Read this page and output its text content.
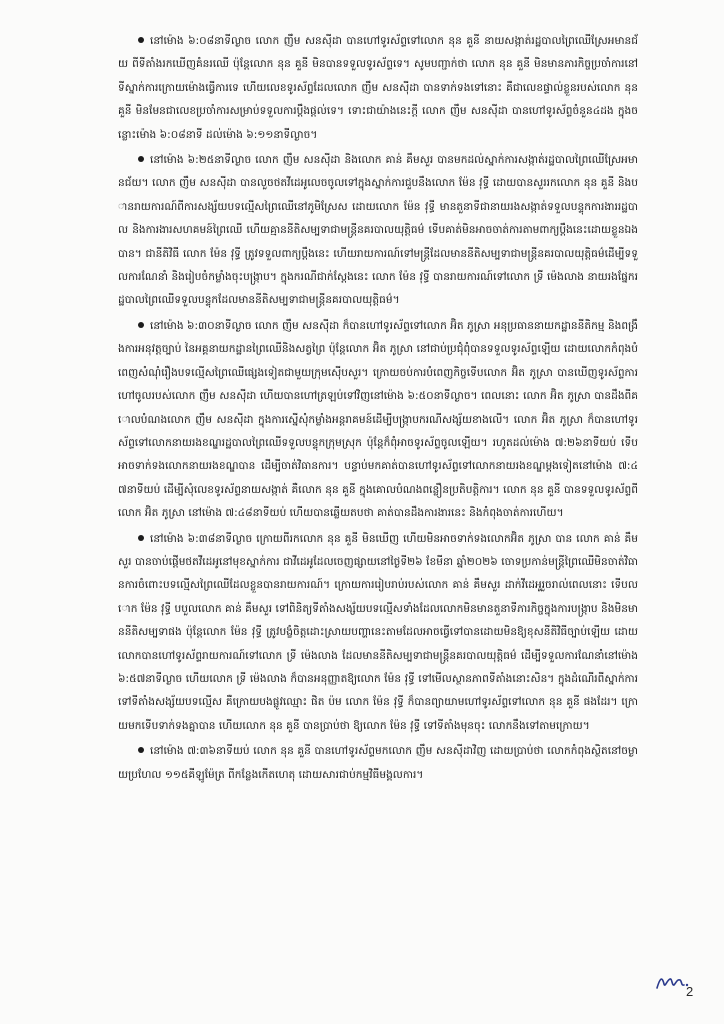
នៅម៉ោង ៦:០៨នាទីល្ងាច លោក ញឹម សនស៊ីដា បានហៅទូរស័ព្ទទៅលោក នុន គួនី នាយសង្កាត់រដ្ឋបាលព្រៃឈើស្រែអមានជ័យ ពីទីតាំងរកឃើញគំនរឈើ ប៉ុន្តែលោក នុន គួនី មិនបានទទួលទូរស័ព្ទទេ។ សូមបញ្ជាក់ថា លោក នុន គួនី មិនមានភារកិច្ចប្រចាំការនៅទីស្នាក់ការក្រោយម៉ោងធ្វើការទេ ហើយលេខទូរស័ព្ទដែលលោក ញឹម សនស៊ីដា បានទាក់ទងទៅនោះ គឺជាលេខផ្ទាល់ខ្លួនរបស់លោក នុន គួនី មិនមែនជាលេខប្រចាំការសម្រាប់ទទួលការប្ដឹងផ្ដល់ទេ។ ទោះជាយ៉ាងនេះក្ដី លោក ញឹម សនស៊ីដា បានហៅទូរស័ព្ទចំនួន៤ដង ក្នុងចន្លោះម៉ោង ៦:០៨នាទី ដល់ម៉ោង ៦:១១នាទីល្ងាច។

នៅម៉ោង ៦:២៥នាទីល្ងាច លោក ញឹម សនស៊ីដា និងលោក គាន់ គឹមសួរ បានមកដល់ស្នាក់ការសង្កាត់រដ្ឋបាលព្រៃឈើស្រែអមានជ័យ។ លោក ញឹម សនស៊ីដា បានលួចថតវីដេអូលេចចូលទៅក្នុងស្នាក់ការជួបនឹងលោក ម៉ែន វុទ្ធី ដោយបានសួររកលោក នុន គួនី និងបានរាយការណ៍ពីការសង្ស័យបទល្មើសព្រៃឈើនៅភូមិស្រែស ដោយលោក ម៉ែន វុទ្ធី មានតួនាទីជានាយរងសង្កាត់ទទួលបន្ទុកការងាររដ្ឋបាល និងការងារសហគមន៍ព្រៃឈើ ហើយគ្មាននីតិសម្បទាជាមន្ត្រីនគរបាលយុត្តិធម៌ ទើបគាត់មិនអាចចាត់ការតាមពាក្យប្ដឹងនេះដោយខ្លួនឯងបាន។ ជានីតិវិធី លោក ម៉ែន វុទ្ធី ត្រូវទទួលពាក្យប្ដឹងនេះ ហើយរាយការណ៍ទៅមន្ត្រីដែលមាននីតិសម្បទាជាមន្ត្រីនគរបាលយុត្តិធម៌ដើម្បីទទួលការណែនាំ និងរៀបចំកម្លាំងចុះបង្ក្រាប។ ក្នុងករណីជាក់ស្ដែងនេះ លោក ម៉ែន វុទ្ធី បានរាយការណ៍ទៅលោក ទ្រី ម៉េងលាង នាយរងផ្នែករដ្ឋបាលព្រៃឈើទទួលបន្ទុកដែលមាននីតិសម្បទាជាមន្ត្រីនគរបាលយុត្តិធម៌។

នៅម៉ោង ៦:៣០នាទីល្ងាច លោក ញឹម សនស៊ីដា ក៏បានហៅទូរស័ព្ទទៅលោក អ៊ិត ភូស្រា អនុប្រធាននាយកដ្ឋាននីតិកម្ម និងពង្រឹងការអនុវត្តច្បាប់ នៃអគ្គនាយកដ្ឋានព្រៃឈើនិងសត្វព្រៃ ប៉ុន្តែលោក អ៊ិត ភូស្រា នៅជាប់ប្រជុំពុំបានទទួលទូរស័ព្ទឡើយ ដោយលោកកំពុងបំពេញសំណុំរឿងបទល្មើសព្រៃឈើផ្សេងទៀតជាមួយក្រុមស៊ើបសួរ។ ក្រោយចប់ការបំពេញកិច្ចទើបលោក អ៊ិត ភូស្រា បានឃើញទូរស័ព្ទការហៅចូលរបស់លោក ញឹម សនស៊ីដា ហើយបានហៅត្រឡប់ទៅវិញនៅម៉ោង ៦:៥០នាទីល្ងាច។ ពេលនោះ លោក អ៊ិត ភូស្រា បានដឹងពីគោលបំណងលោក ញឹម សនស៊ីដា ក្នុងការស្នើសុំកម្លាំងអន្តរាគមន៍ដើម្បីបង្ក្រាបករណីសង្ស័យខាងលើ។ លោក អ៊ិត ភូស្រា ក៏បានហៅទូរស័ព្ទទៅលោកនាយរងខណ្ឌរដ្ឋបាលព្រៃឈើទទួលបន្ទុកក្រុមស្រុក ប៉ុន្តែក៏ពុំអាចទូរស័ព្ទចូលឡើយ។ រហូតដល់ម៉ោង ៧:២៦នាទីយប់ ទើបអាចទាក់ទងលោកនាយរងខណ្ឌបាន ដើម្បីចាត់វិធានការ។ បន្ទាប់មកគាត់បានហៅទូរស័ព្ទទៅលោកនាយរងខណ្ឌម្ដងទៀតនៅម៉ោង ៧:៤៧នាទីយប់ ដើម្បីសុំលេខទូរស័ព្ទនាយសង្កាត់ គឺលោក នុន គួនី ក្នុងគោលបំណងពន្លឿនប្រតិបត្តិការ។ លោក នុន គួនី បានទទួលទូរស័ព្ទពីលោក អ៊ិត ភូស្រា នៅម៉ោង ៧:៤៨នាទីយប់ ហើយបានឆ្លើយតបថា គាត់បានដឹងការងារនេះ និងកំពុងចាត់ការហើយ។

នៅម៉ោង ៦:៣៨នាទីល្ងាច ក្រោយពីរកលោក នុន គួនី មិនឃើញ ហើយមិនអាចទាក់ទងលោកអ៊ិត ភូស្រា បាន លោក គាន់ គឹមសួរ បានចាប់ផ្ដើមថតវីដេអូនៅមុខស្នាក់ការ ជាវីដេអូដែលចេញផ្សាយនៅថ្ងៃទី២៦ ខែមីនា ឆ្នាំ២០២៦ ចោទប្រកាន់មន្ត្រីព្រៃឈើមិនចាត់វិធានការចំពោះបទល្មើសព្រៃឈើដែលខ្លួនបានរាយការណ៍។ ក្រោយការរៀបរាប់របស់លោក គាន់ គឹមសួរ ដាក់វីដេអូរួចរាល់ពេលនោះ ទើបលោក ម៉ែន វុទ្ធី បបួលលោក គាន់ គឹមសួរ ទៅពិនិត្យទីតាំងសង្ស័យបទល្មើសទាំងដែលលោកមិនមានតួនាទីភារកិច្ចក្នុងការបង្ក្រាប និងមិនមាននីតិសម្បទាផង ប៉ុន្តែលោក ម៉ែន វុទ្ធី ត្រូវបង្ខំចិត្តដោះស្រាយបញ្ហានេះតាមដែលអាចធ្វើទៅបានដោយមិនឱ្យខុសនីតិវិធីច្បាប់ឡើយ ដោយលោកបានហៅទូរស័ព្ទរាយការណ៍ទៅលោក ទ្រី ម៉េងលាង ដែលមាននីតិសម្បទាជាមន្ត្រីនគរបាលយុត្តិធម៌ ដើម្បីទទួលការណែនាំនៅម៉ោង ៦:៥៧នាទីល្ងាច ហើយលោក ទ្រី ម៉េងលាង ក៏បានអនុញ្ញាតឱ្យលោក ម៉ែន វុទ្ធី ទៅមើលស្ថានភាពទីតាំងនោះសិន។ ក្នុងដំណើរពីស្នាក់ការទៅទីតាំងសង្ស័យបទល្មើស គឺក្រោយបងផ្លូវឈ្មោះ ផិត ប៉ម លោក ម៉ែន វុទ្ធី ក៏បានព្យាយាមហៅទូរស័ព្ទទៅលោក នុន គួនី ផងដែរ។ ក្រោយមកទើបទាក់ទងគ្នាបាន ហើយលោក នុន គួនី បានប្រាប់ថា ឱ្យលោក ម៉ែន វុទ្ធី ទៅទីតាំងមុនចុះ លោកនឹងទៅតាមក្រោយ។

នៅម៉ោង ៧:៣៦នាទីយប់ លោក នុន គួនី បានហៅទូរស័ព្ទមកលោក ញឹម សនស៊ីដាវិញ ដោយប្រាប់ថា លោកកំពុងស្ថិតនៅចម្ងាយប្រហែល ១១៥គីឡូម៉ែត្រ ពីកន្លែងកើតហេតុ ដោយសារជាប់កម្មវិធីមង្គលការ។

2
